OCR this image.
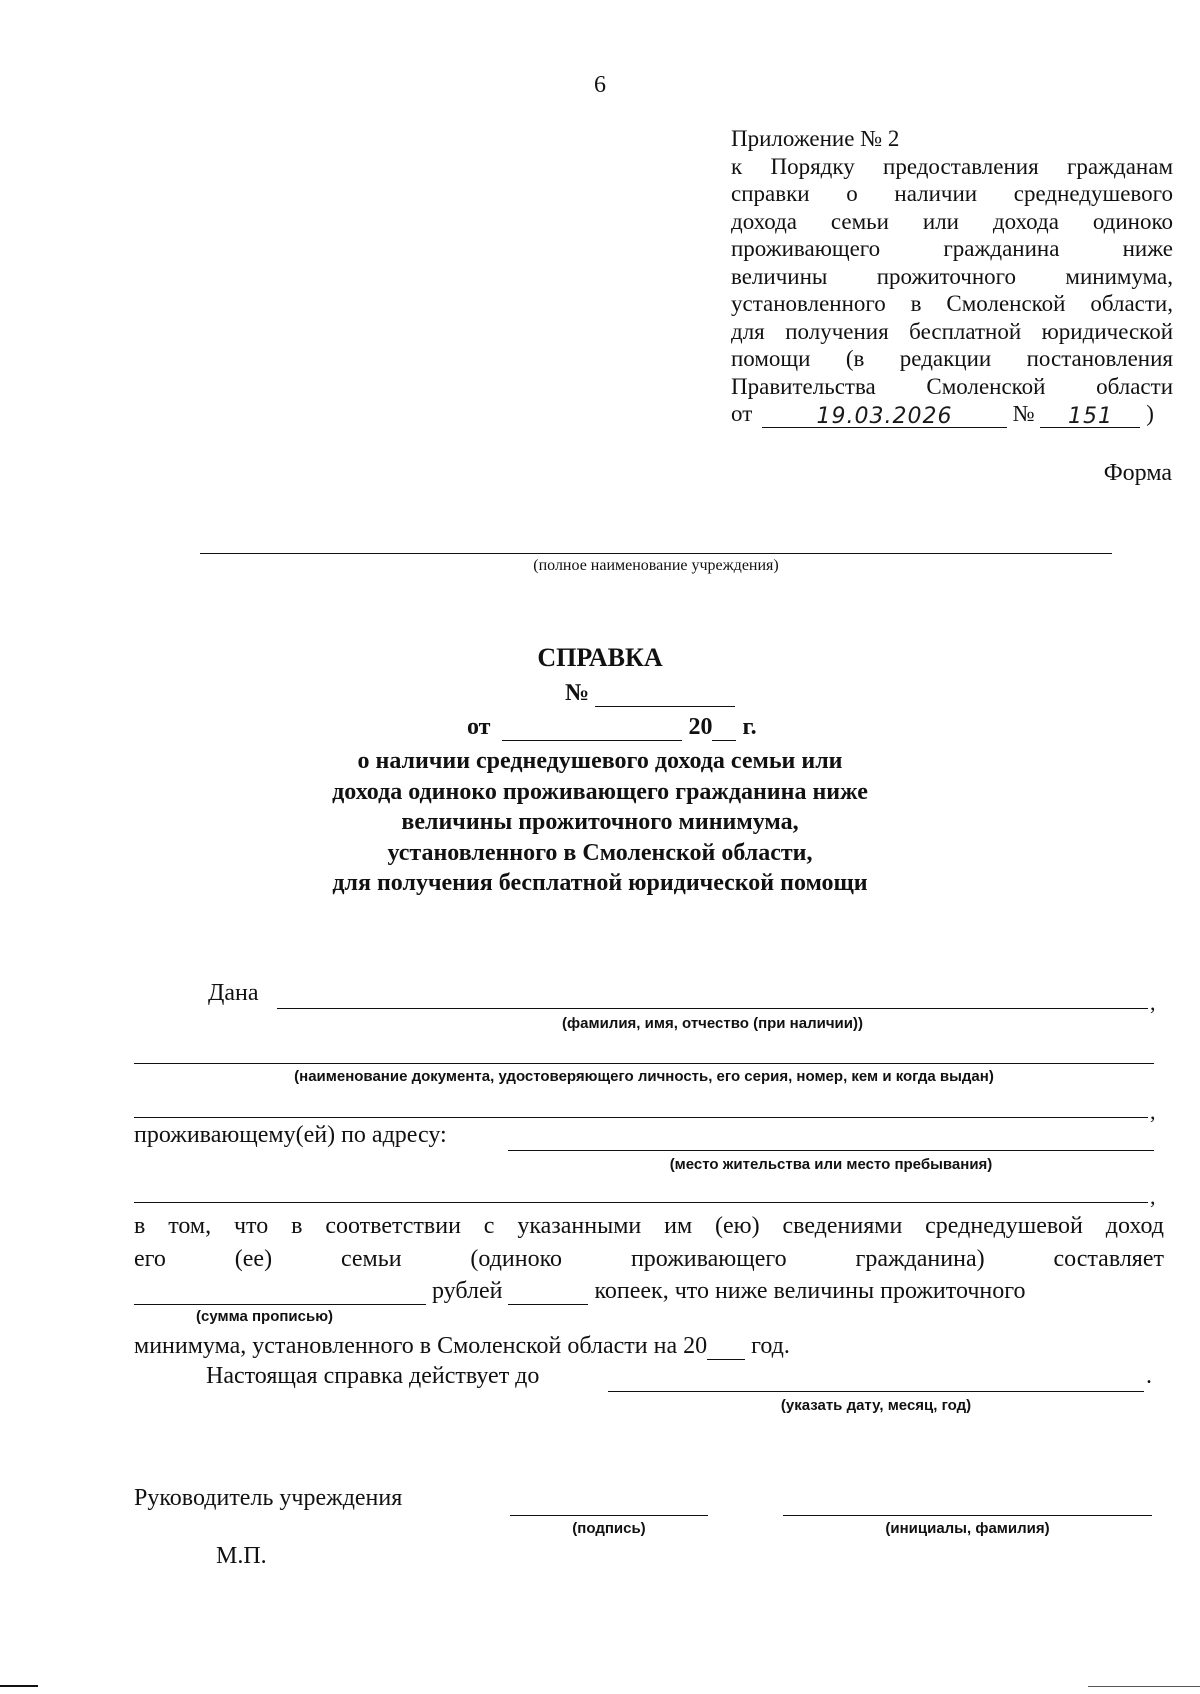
6
Приложение № 2
к Порядку предоставления гражданам
справки о наличии среднедушевого
дохода семьи или дохода одиноко
проживающего гражданина ниже
величины прожиточного минимума,
установленного в Смоленской области,
для получения бесплатной юридической
помощи (в редакции постановления
Правительства Смоленской области
от	19.03.2026	№ 151 )
Форма
(полное наименование учреждения)
СПРАВКА
№
от	20 г.
о наличии среднедушевого дохода семьи или
дохода одиноко проживающего гражданина ниже
величины прожиточного минимума,
установленного в Смоленской области,
для получения бесплатной юридической помощи
Дана	,
(фамилия, имя, отчество (при наличии))
(наименование документа, удостоверяющего личность, его серия, номер, кем и когда выдан)
,
проживающему(ей) по адресу:
(место жительства или место пребывания)
,
в том, что в соответствии с указанными им (ею) сведениями среднедушевой доход
его (ее) семьи (одиноко проживающего гражданина) составляет
рублей	копеек, что ниже величины прожиточного
(сумма прописью)
минимума, установленного в Смоленской области на 20 год.
Настоящая справка действует до	.
(указать дату, месяц, год)
Руководитель учреждения
(подпись)	(инициалы, фамилия)
М.П.
